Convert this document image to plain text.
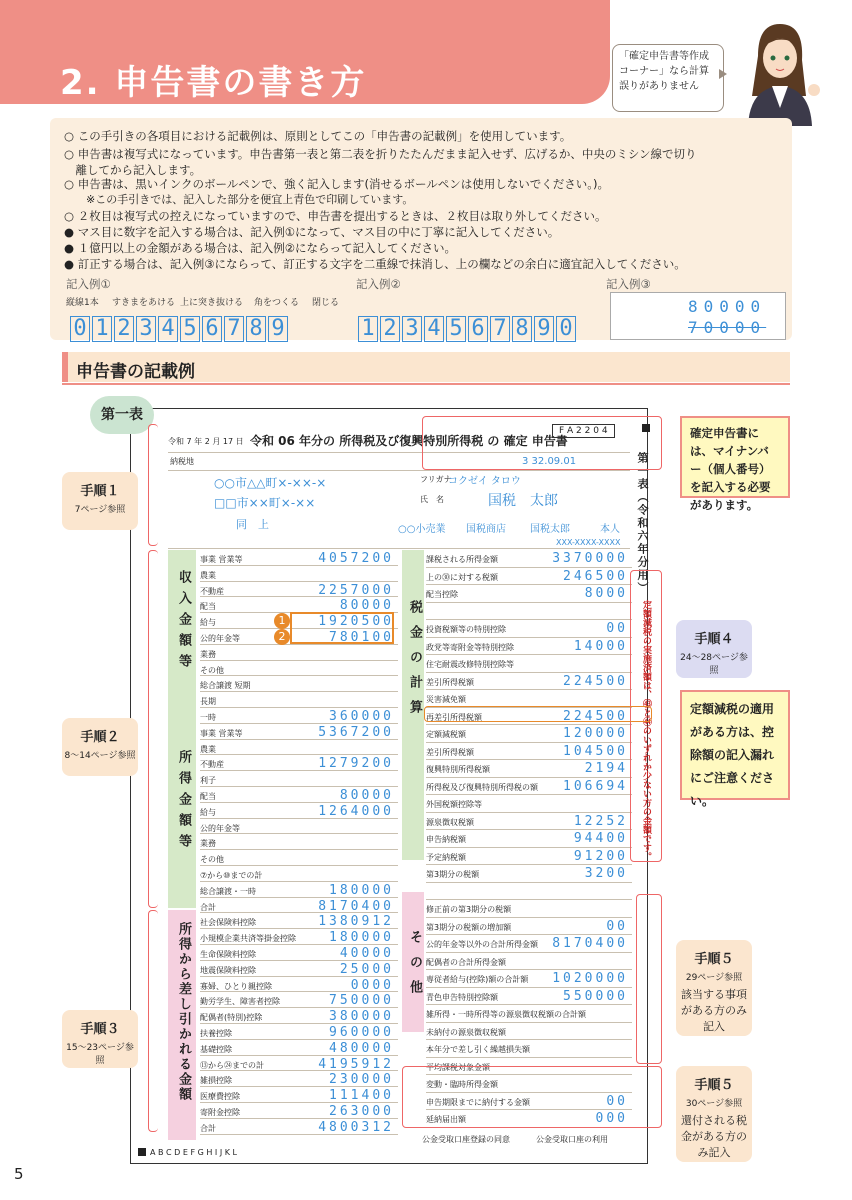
2. 申告書の書き方
「確定申告書等作成コーナー」なら計算誤りがありません
○ この手引きの各項目における記載例は、原則としてこの「申告書の記載例」を使用しています。
○ 申告書は複写式になっています。申告書第一表と第二表を折りたたんだまま記入せず、広げるか、中央のミシン線で切り
　離してから記入します。
○ 申告書は、黒いインクのボールペンで、強く記入します(消せるボールペンは使用しないでください。)。
　　※この手引きでは、記入した部分を便宜上青色で印刷しています。
○ ２枚目は複写式の控えになっていますので、申告書を提出するときは、２枚目は取り外してください。
● マス目に数字を記入する場合は、記入例①になって、マス目の中に丁寧に記入してください。
● １億円以上の金額がある場合は、記入例②にならって記入してください。
● 訂正する場合は、記入例③にならって、訂正する文字を二重線で抹消し、上の欄などの余白に適宜記入してください。
記入例①	記入例②	記入例③
縦線1本 すきまをあける 上に突き抜ける 角をつくる 閉じる
0 1 2 3 4 5 6 7 8 9	1 2 3 4 5 6 7 8 9 0
80000
70000
申告書の記載例
第一表
令和 7 年 2 月 17 日 令和 06 年分の 所得税及び復興特別所得税 の 確定 申告書
F A 2 2 0 4
納税地
○○市△△町×-××-×
□□市××町×-××
フリガナ
コクゼイ タロウ
氏　名	国税　太郎
同　上	○○小売業 国税商店 国税太郎	本人
3 32.09.01
XXX-XXXX-XXXX
収入金額等
所得金額等
所得から差し引かれる金額
税金の計算
その他
事業 営業等	4057200
農業
不動産	2257000
配当	80000
給与	1920500
公的年金等	780100
業務
その他
総合譲渡 短期
長期
一時	360000
事業 営業等	5367200
農業
不動産	1279200
利子
配当	80000
給与	1264000
公的年金等
業務
その他
⑦から⑩までの計
総合譲渡・一時	180000
合計	8170400
社会保険料控除	1380912
小規模企業共済等掛金控除	180000
生命保険料控除	40000
地震保険料控除	25000
寡婦、ひとり親控除	0000
勤労学生、障害者控除	750000
配偶者(特別)控除	380000
扶養控除	960000
基礎控除	480000
⑬から㉔までの計	4195912
雑損控除	230000
医療費控除	111400
寄附金控除	263000
合計	4800312
課税される所得金額	3370000
上の㉚に対する税額	246500
配当控除	8000
投資税額等の特別控除	00
政党等寄附金等特別控除	14000
住宅耐震改修特別控除等
差引所得税額	224500
災害減免額
再差引所得税額	224500
定額減税額	120000
差引所得税額	104500
復興特別所得税額	2194
所得税及び復興特別所得税の額 106694
外国税額控除等
源泉徴収税額	12252
申告納税額	94400
予定納税額	91200
第3期分の税額	3200
修正前の第3期分の税額
第3期分の税額の増加額	00
公的年金等以外の合計所得金額 8170400
配偶者の合計所得金額
専従者給与(控除)額の合計額 1020000
青色申告特別控除額	550000
雑所得・一時所得等の源泉徴収税額の合計額
未納付の源泉徴収税額
本年分で差し引く繰越損失額
平均課税対象金額
変動・臨時所得金額
申告期限までに納付する金額	00
延納届出額	000
1
2
A B C D E F G H I J K L
公金受取口座登録の同意	公金受取口座の利用
第一表（令和六年分用）
定額減税の実施済額は、㊸と㊹のいずれか少ない方の金額です。
手順１
7ページ参照
手順２
8～14ページ参照
手順３
15～23ページ参照
手順４
24～28ページ参照
手順５
29ページ参照
該当する事項がある方のみ記入
手順５
30ページ参照
還付される税金がある方のみ記入
確定申告書には、マイナンバー（個人番号）を記入する必要があります。
定額減税の適用がある方は、控除額の記入漏れにご注意ください。
5
